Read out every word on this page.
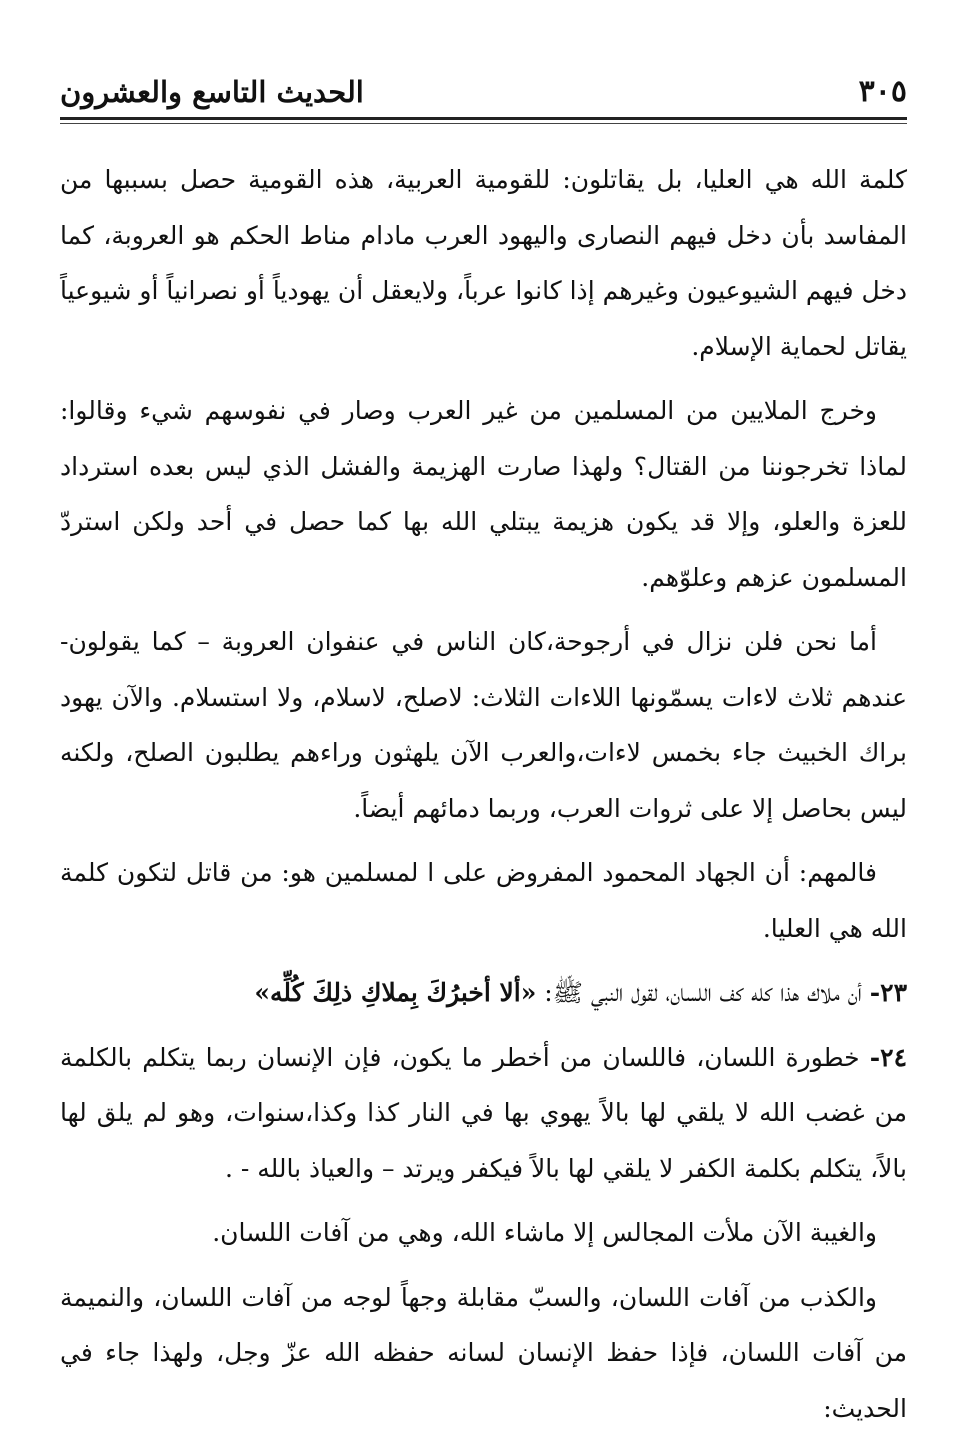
٣٠٥
الحديث التاسع والعشرون

كلمة الله هي العليا، بل يقاتلون: للقومية العربية، هذه القومية حصل بسببها من المفاسد بأن دخل فيهم النصارى واليهود العرب مادام مناط الحكم هو العروبة، كما دخل فيهم الشيوعيون وغيرهم إذا كانوا عرباً، ولايعقل أن يهودياً أو نصرانياً أو شيوعياً يقاتل لحماية الإسلام.

وخرج الملايين من المسلمين من غير العرب وصار في نفوسهم شيء وقالوا: لماذا تخرجوننا من القتال؟ ولهذا صارت الهزيمة والفشل الذي ليس بعده استرداد للعزة والعلو، وإلا قد يكون هزيمة يبتلي الله بها كما حصل في أحد ولكن استردّ المسلمون عزهم وعلوّهم.

أما نحن فلن نزال في أرجوحة،كان الناس في عنفوان العروبة – كما يقولون- عندهم ثلاث لاءات يسمّونها اللاءات الثلاث: لاصلح، لاسلام، ولا استسلام. والآن يهود براك الخبيث جاء بخمس لاءات،والعرب الآن يلهثون وراءهم يطلبون الصلح، ولكنه ليس بحاصل إلا على ثروات العرب، وربما دمائهم أيضاً.

فالمهم: أن الجهاد المحمود المفروض على ا لمسلمين هو: من قاتل لتكون كلمة الله هي العليا.

٢٣- أن ملاك هذا كله كف اللسان، لقول النبي ﷺ: «ألا أخبرُكَ بِملاكِ ذلِكَ كُلِّه»

٢٤- خطورة اللسان، فاللسان من أخطر ما يكون، فإن الإنسان ربما يتكلم بالكلمة من غضب الله لا يلقي لها بالاً يهوي بها في النار كذا وكذا،سنوات، وهو لم يلق لها بالاً، يتكلم بكلمة الكفر لا يلقي لها بالاً فيكفر ويرتد – والعياذ بالله - .

والغيبة الآن ملأت المجالس إلا ماشاء الله، وهي من آفات اللسان.

والكذب من آفات اللسان، والسبّ مقابلة وجهاً لوجه من آفات اللسان، والنميمة من آفات اللسان، فإذا حفظ الإنسان لسانه حفظه الله عزّ وجل، ولهذا جاء في الحديث:
